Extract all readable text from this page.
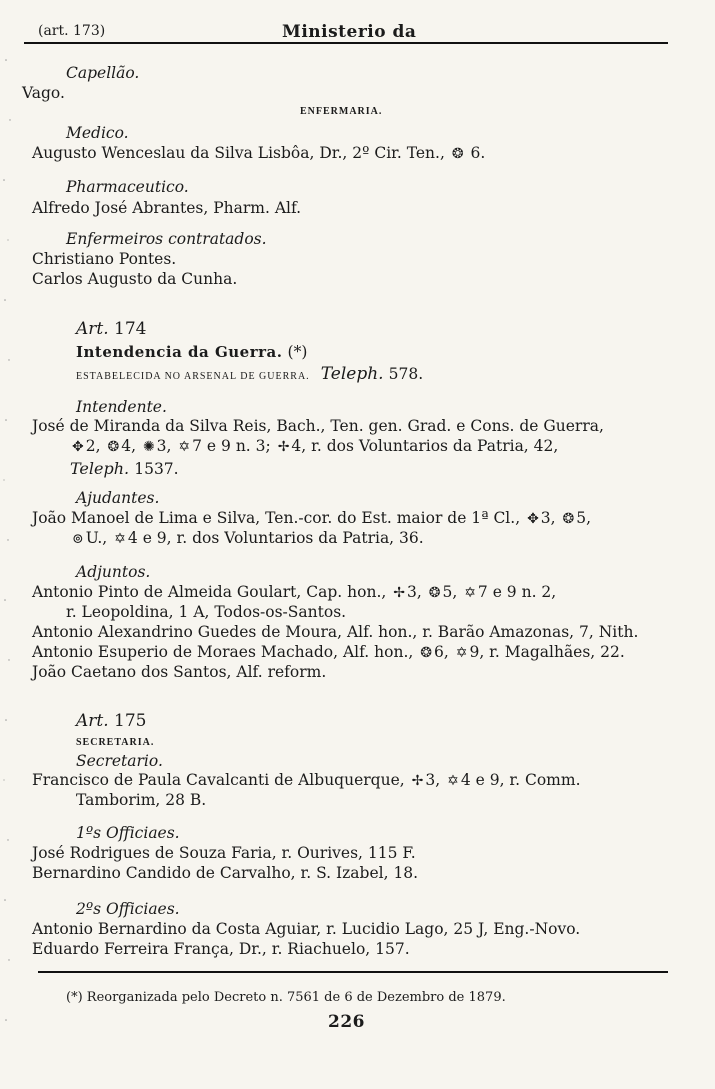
(art. 173)	Ministerio da
Capellão.
Vago.
ENFERMARIA.
Medico.
Augusto Wenceslau da Silva Lisbôa, Dr., 2º Cir. Ten., ❂ 6.
Pharmaceutico.
Alfredo José Abrantes, Pharm. Alf.
Enfermeiros contratados.
Christiano Pontes.
Carlos Augusto da Cunha.
Art. 174
Intendencia da Guerra. (*)
ESTABELECIDA NO ARSENAL DE GUERRA. Teleph. 578.
Intendente.
José de Miranda da Silva Reis, Bach., Ten. gen. Grad. e Cons. de Guerra,
✥ 2, ❂ 4, ✺ 3, ✡ 7 e 9 n. 3; ✢ 4, r. dos Voluntarios da Patria, 42,
Teleph. 1537.
Ajudantes.
João Manoel de Lima e Silva, Ten.-cor. do Est. maior de 1ª Cl., ✥ 3, ❂ 5,
⊚ U., ✡ 4 e 9, r. dos Voluntarios da Patria, 36.
Adjuntos.
Antonio Pinto de Almeida Goulart, Cap. hon., ✢ 3, ❂ 5, ✡ 7 e 9 n. 2,
r. Leopoldina, 1 A, Todos-os-Santos.
Antonio Alexandrino Guedes de Moura, Alf. hon., r. Barão Amazonas, 7, Nith.
Antonio Esuperio de Moraes Machado, Alf. hon., ❂ 6, ✡ 9, r. Magalhães, 22.
João Caetano dos Santos, Alf. reform.
Art. 175
SECRETARIA.
Secretario.
Francisco de Paula Cavalcanti de Albuquerque, ✢ 3, ✡ 4 e 9, r. Comm.
Tamborim, 28 B.
1ºs Officiaes.
José Rodrigues de Souza Faria, r. Ourives, 115 F.
Bernardino Candido de Carvalho, r. S. Izabel, 18.
2ºs Officiaes.
Antonio Bernardino da Costa Aguiar, r. Lucidio Lago, 25 J, Eng.-Novo.
Eduardo Ferreira França, Dr., r. Riachuelo, 157.
(*) Reorganizada pelo Decreto n. 7561 de 6 de Dezembro de 1879.
226
